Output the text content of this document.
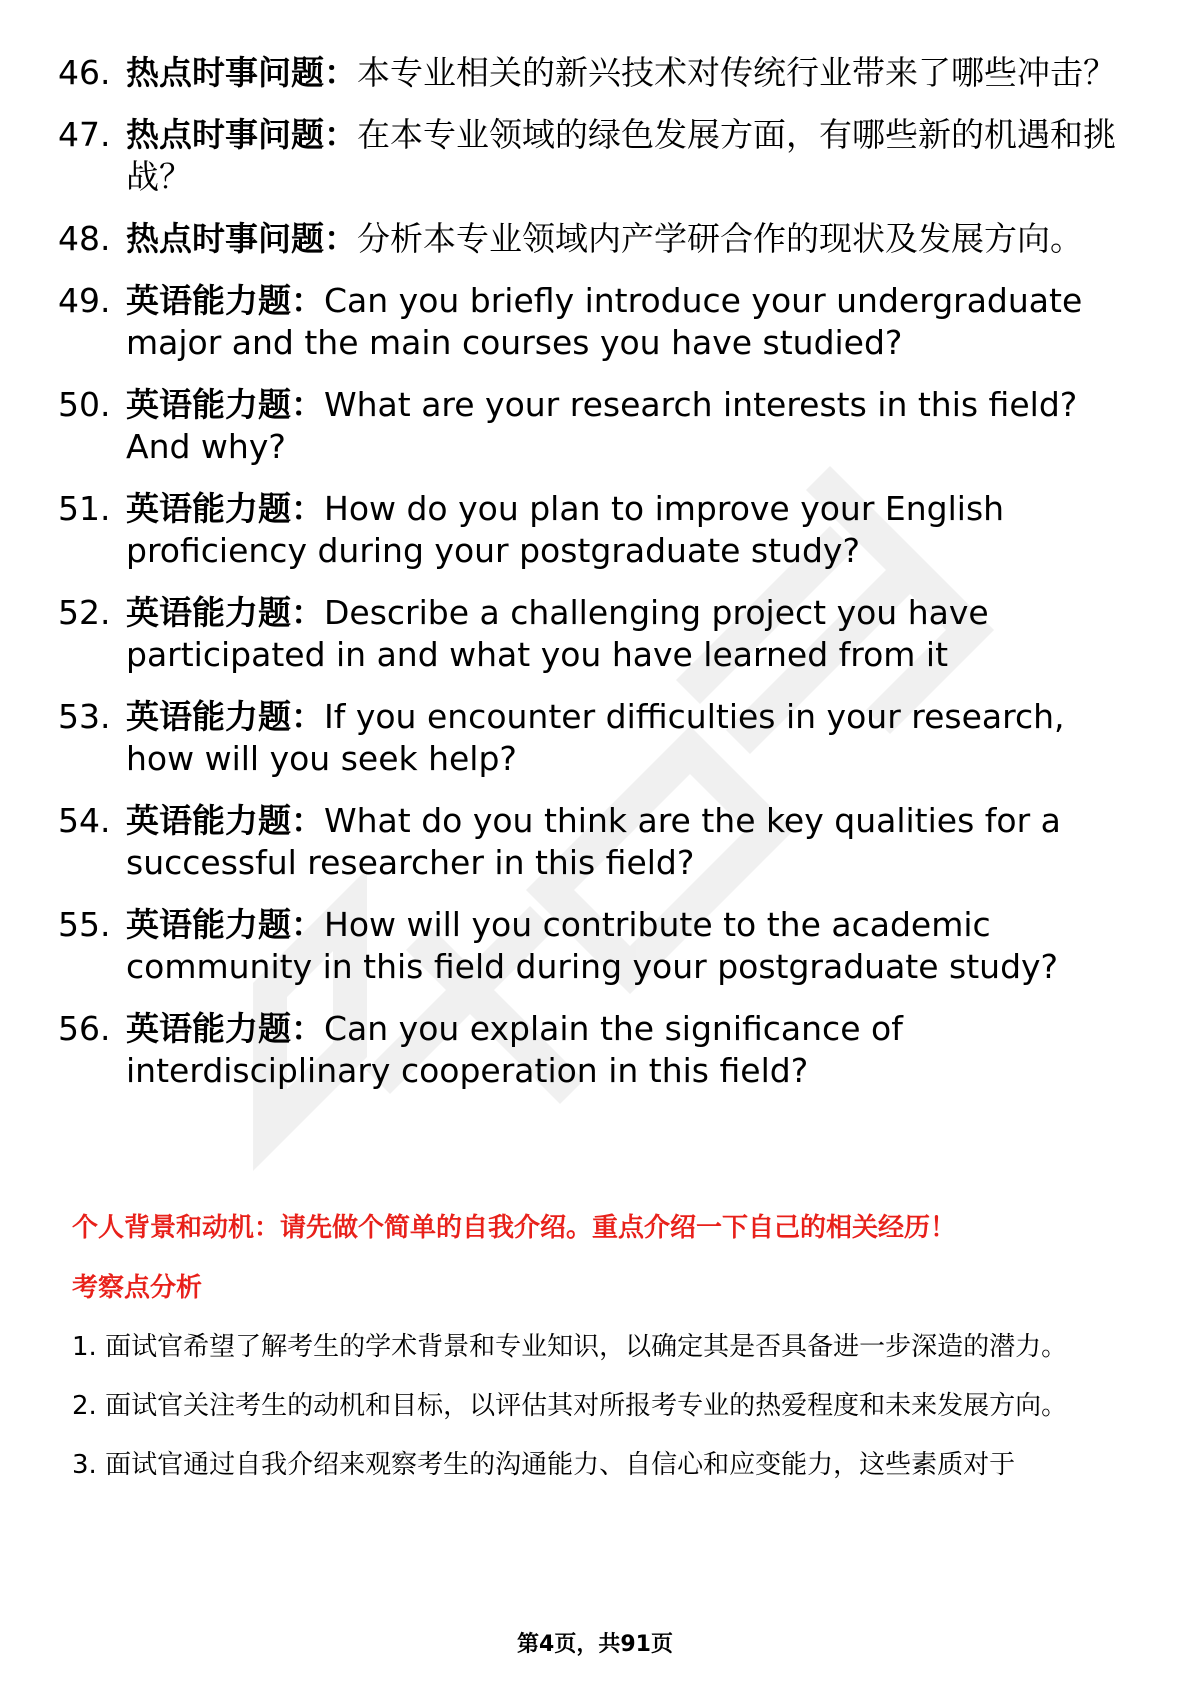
46. 热点时事问题：本专业相关的新兴技术对传统行业带来了哪些冲击？
47. 热点时事问题：在本专业领域的绿色发展方面，有哪些新的机遇和挑战？
48. 热点时事问题：分析本专业领域内产学研合作的现状及发展方向。
49. 英语能力题：Can you briefly introduce your undergraduate major and the main courses you have studied?
50. 英语能力题：What are your research interests in this field? And why?
51. 英语能力题：How do you plan to improve your English proficiency during your postgraduate study?
52. 英语能力题：Describe a challenging project you have participated in and what you have learned from it
53. 英语能力题：If you encounter difficulties in your research, how will you seek help?
54. 英语能力题：What do you think are the key qualities for a successful researcher in this field?
55. 英语能力题：How will you contribute to the academic community in this field during your postgraduate study?
56. 英语能力题：Can you explain the significance of interdisciplinary cooperation in this field?
个人背景和动机：请先做个简单的自我介绍。重点介绍一下自己的相关经历！
考察点分析

1. 面试官希望了解考生的学术背景和专业知识，以确定其是否具备进一步深造的潜力。

2. 面试官关注考生的动机和目标，以评估其对所报考专业的热爱程度和未来发展方向。

3. 面试官通过自我介绍来观察考生的沟通能力、自信心和应变能力，这些素质对于

第4页，共91页
